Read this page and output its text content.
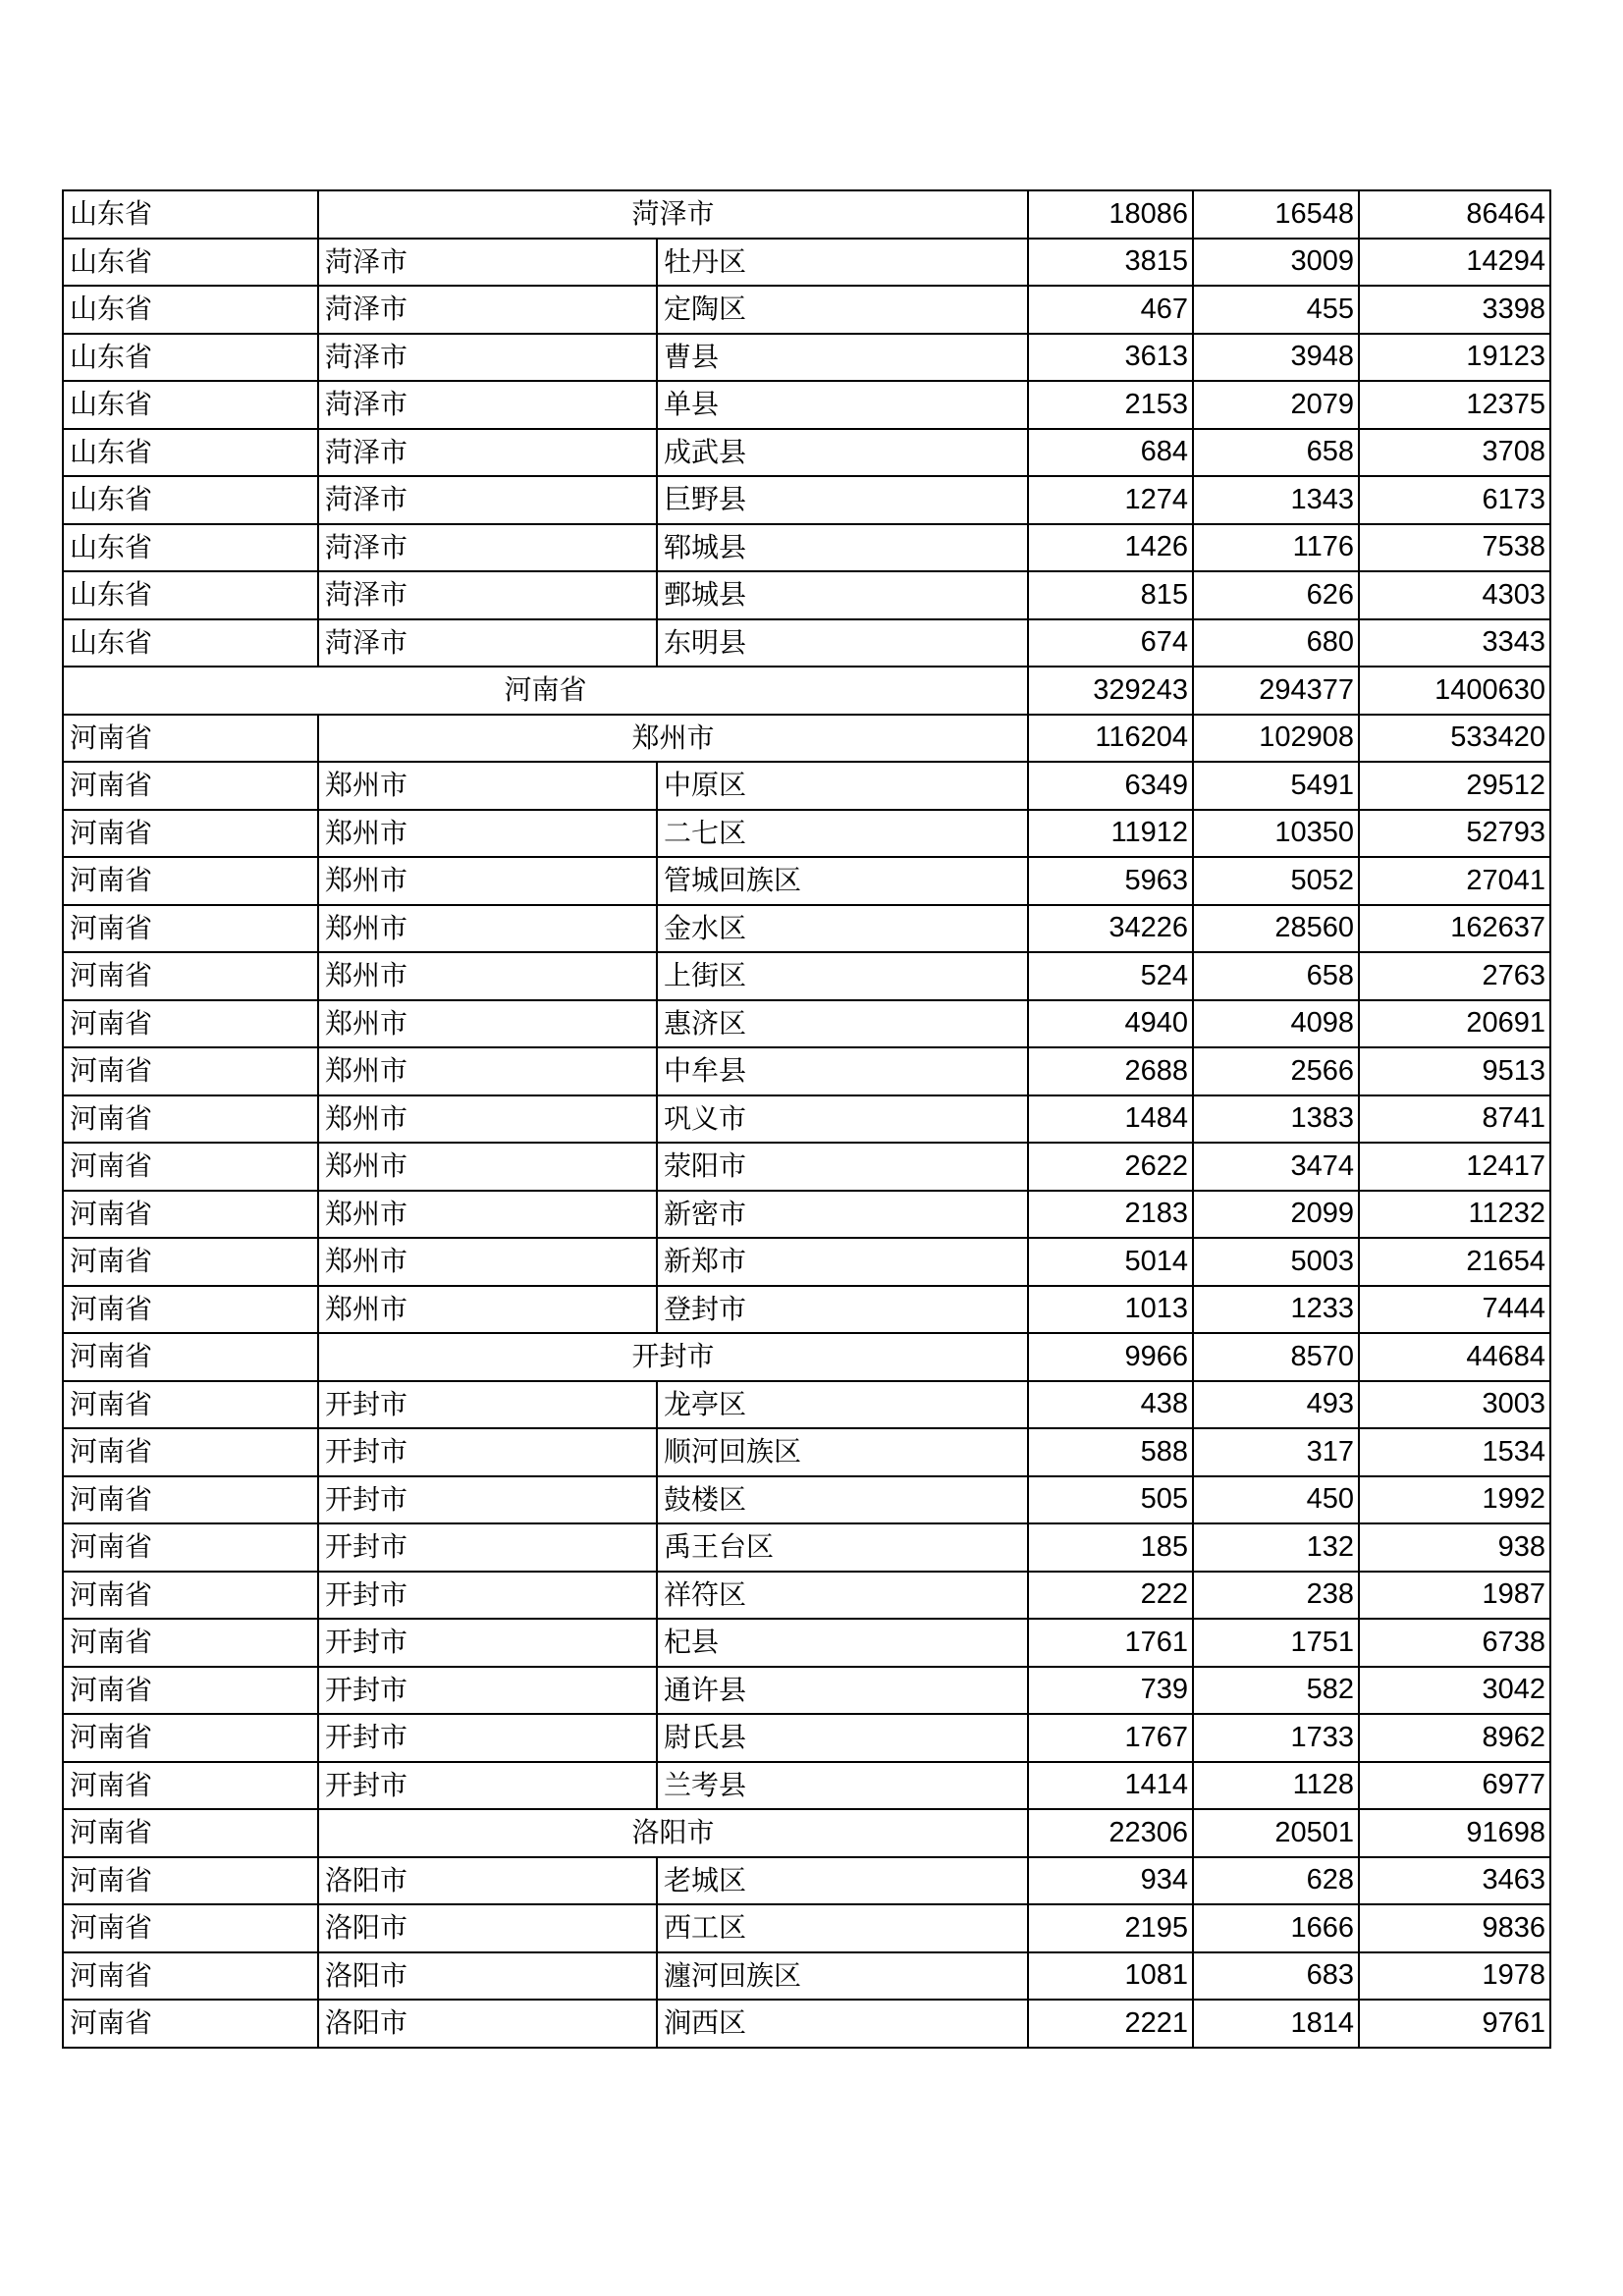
山东省	菏泽市		18086	16548	86464
山东省	菏泽市	牡丹区	3815	3009	14294
山东省	菏泽市	定陶区	467	455	3398
山东省	菏泽市	曹县	3613	3948	19123
山东省	菏泽市	单县	2153	2079	12375
山东省	菏泽市	成武县	684	658	3708
山东省	菏泽市	巨野县	1274	1343	6173
山东省	菏泽市	郓城县	1426	1176	7538
山东省	菏泽市	鄄城县	815	626	4303
山东省	菏泽市	东明县	674	680	3343
河南省			329243	294377	1400630
河南省	郑州市		116204	102908	533420
河南省	郑州市	中原区	6349	5491	29512
河南省	郑州市	二七区	11912	10350	52793
河南省	郑州市	管城回族区	5963	5052	27041
河南省	郑州市	金水区	34226	28560	162637
河南省	郑州市	上街区	524	658	2763
河南省	郑州市	惠济区	4940	4098	20691
河南省	郑州市	中牟县	2688	2566	9513
河南省	郑州市	巩义市	1484	1383	8741
河南省	郑州市	荥阳市	2622	3474	12417
河南省	郑州市	新密市	2183	2099	11232
河南省	郑州市	新郑市	5014	5003	21654
河南省	郑州市	登封市	1013	1233	7444
河南省	开封市		9966	8570	44684
河南省	开封市	龙亭区	438	493	3003
河南省	开封市	顺河回族区	588	317	1534
河南省	开封市	鼓楼区	505	450	1992
河南省	开封市	禹王台区	185	132	938
河南省	开封市	祥符区	222	238	1987
河南省	开封市	杞县	1761	1751	6738
河南省	开封市	通许县	739	582	3042
河南省	开封市	尉氏县	1767	1733	8962
河南省	开封市	兰考县	1414	1128	6977
河南省	洛阳市		22306	20501	91698
河南省	洛阳市	老城区	934	628	3463
河南省	洛阳市	西工区	2195	1666	9836
河南省	洛阳市	瀍河回族区	1081	683	1978
河南省	洛阳市	涧西区	2221	1814	9761
